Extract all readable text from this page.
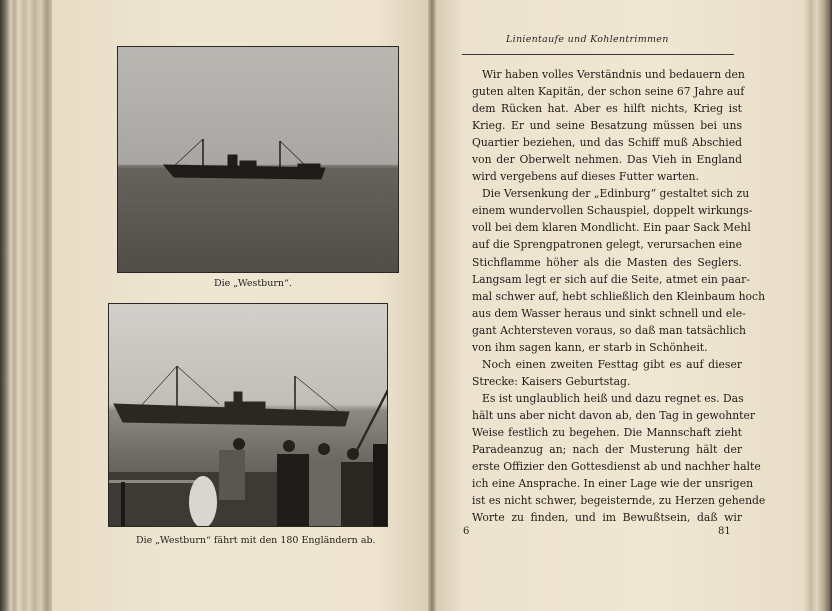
Die „Westburn“.
Die „Westburn“ fährt mit den 180 Engländern ab.
Linientaufe und Kohlentrimmen
Wir haben volles Verständnis und bedauern den
guten alten Kapitän, der schon seine 67 Jahre auf
dem Rücken hat. Aber es hilft nichts, Krieg ist
Krieg. Er und seine Besatzung müssen bei uns
Quartier beziehen, und das Schiff muß Abschied
von der Oberwelt nehmen. Das Vieh in England
wird vergebens auf dieses Futter warten.
Die Versenkung der „Edinburg“ gestaltet sich zu
einem wundervollen Schauspiel, doppelt wirkungs-
voll bei dem klaren Mondlicht. Ein paar Sack Mehl
auf die Sprengpatronen gelegt, verursachen eine
Stichflamme höher als die Masten des Seglers.
Langsam legt er sich auf die Seite, atmet ein paar-
mal schwer auf, hebt schließlich den Kleinbaum hoch
aus dem Wasser heraus und sinkt schnell und ele-
gant Achtersteven voraus, so daß man tatsächlich
von ihm sagen kann, er starb in Schönheit.
Noch einen zweiten Festtag gibt es auf dieser
Strecke: Kaisers Geburtstag.
Es ist unglaublich heiß und dazu regnet es. Das
hält uns aber nicht davon ab, den Tag in gewohnter
Weise festlich zu begehen. Die Mannschaft zieht
Paradeanzug an; nach der Musterung hält der
erste Offizier den Gottesdienst ab und nachher halte
ich eine Ansprache. In einer Lage wie der unsrigen
ist es nicht schwer, begeisternde, zu Herzen gehende
Worte zu finden, und im Bewußtsein, daß wir
6	81
